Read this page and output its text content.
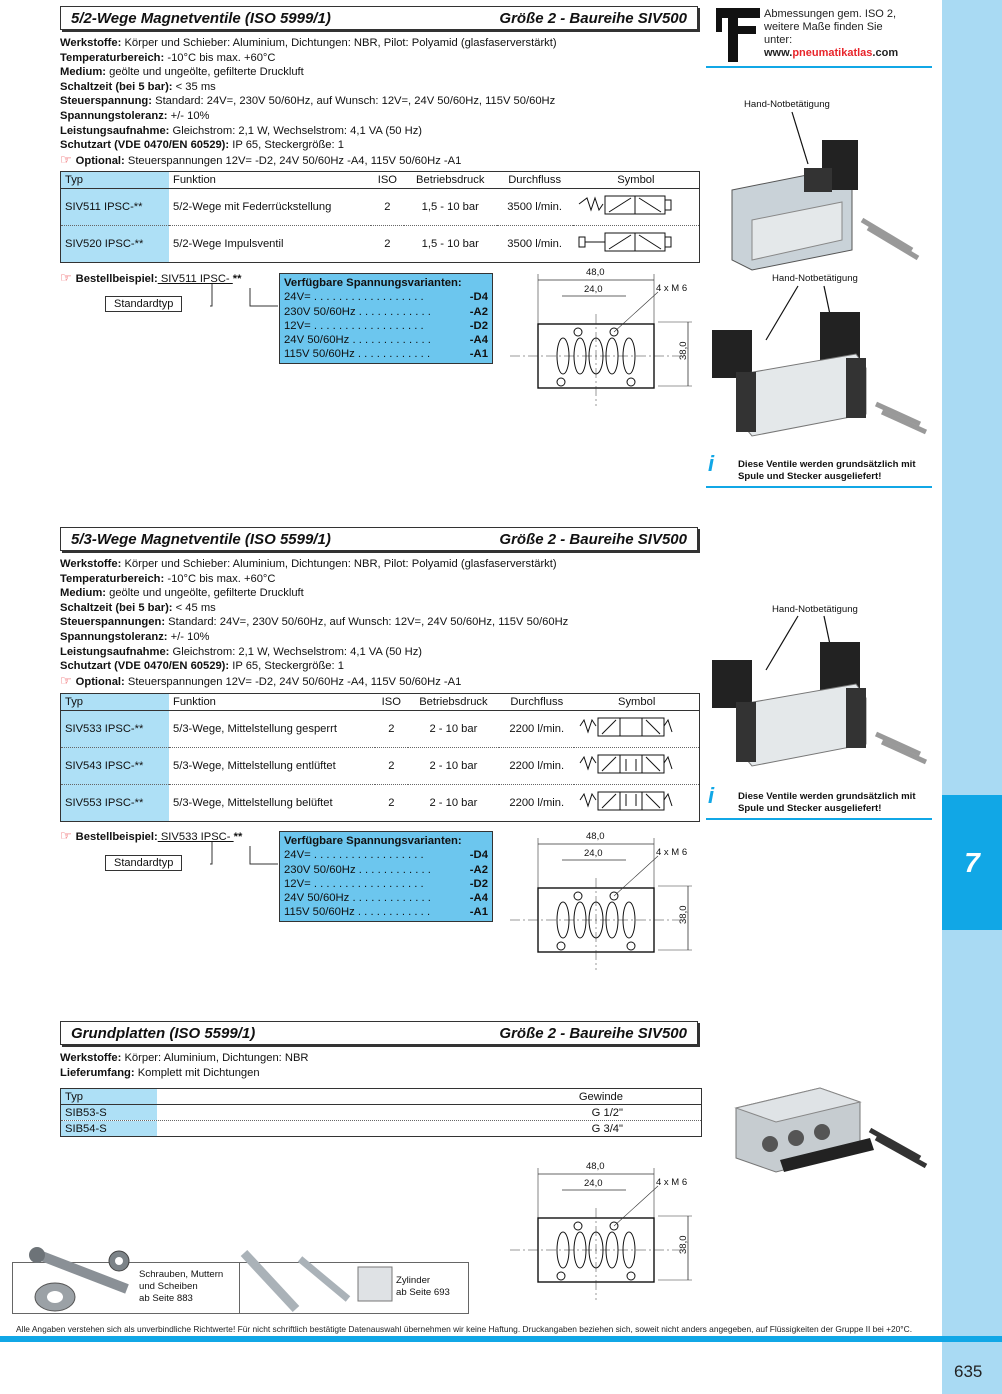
7
635
Alle Angaben verstehen sich als unverbindliche Richtwerte! Für nicht schriftlich bestätigte Datenauswahl übernehmen wir keine Haftung. Druckangaben beziehen sich, soweit nicht anders angegeben, auf Flüssigkeiten der Gruppe II bei +20°C.
Abmessungen gem. ISO 2,
weitere Maße finden Sie
unter:
www.pneumatikatlas.com
5/2-Wege Magnetventile (ISO 5999/1)	Größe 2 - Baureihe SIV500
Werkstoffe: Körper und Schieber: Aluminium, Dichtungen: NBR, Pilot: Polyamid (glasfaserverstärkt)
Temperaturbereich: -10°C bis max. +60°C
Medium: geölte und ungeölte, gefilterte Druckluft
Schaltzeit (bei 5 bar): < 35 ms
Steuerspannung: Standard: 24V=, 230V 50/60Hz, auf Wunsch: 12V=, 24V 50/60Hz, 115V 50/60Hz
Spannungstoleranz: +/- 10%
Leistungsaufnahme: Gleichstrom: 2,1 W, Wechselstrom: 4,1 VA (50 Hz)
Schutzart (VDE 0470/EN 60529): IP 65, Steckergröße: 1
☞ Optional: Steuerspannungen 12V= -D2, 24V 50/60Hz -A4, 115V 50/60Hz -A1
Typ	Funktion	ISO	Betriebsdruck	Durchfluss	Symbol
SIV511 IPSC-**	5/2-Wege mit Federrückstellung	2	1,5 - 10 bar	3500 l/min.	
SIV520 IPSC-**	5/2-Wege Impulsventil	2	1,5 - 10 bar	3500 l/min.	
☞ Bestellbeispiel: SIV511 IPSC- **
Standardtyp
Verfügbare Spannungsvarianten:
24V= . . . . . . . . . . . . . . . . . .	-D4
230V 50/60Hz . . . . . . . . . . . .	-A2
12V= . . . . . . . . . . . . . . . . . .	-D2
24V 50/60Hz . . . . . . . . . . . . .	-A4
115V 50/60Hz . . . . . . . . . . . .	-A1
48,0
24,0	4 x M 6
38,0
Hand-Notbetätigung
Hand-Notbetätigung
i Diese Ventile werden grundsätzlich mit
Spule und Stecker ausgeliefert!
5/3-Wege Magnetventile (ISO 5599/1)	Größe 2 - Baureihe SIV500
Werkstoffe: Körper und Schieber: Aluminium, Dichtungen: NBR, Pilot: Polyamid (glasfaserverstärkt)
Temperaturbereich: -10°C bis max. +60°C
Medium: geölte und ungeölte, gefilterte Druckluft
Schaltzeit (bei 5 bar): < 45 ms
Steuerspannungen: Standard: 24V=, 230V 50/60Hz, auf Wunsch: 12V=, 24V 50/60Hz, 115V 50/60Hz
Spannungstoleranz: +/- 10%
Leistungsaufnahme: Gleichstrom: 2,1 W, Wechselstrom: 4,1 VA (50 Hz)
Schutzart (VDE 0470/EN 60529): IP 65, Steckergröße: 1
☞ Optional: Steuerspannungen 12V= -D2, 24V 50/60Hz -A4, 115V 50/60Hz -A1
Typ	Funktion	ISO	Betriebsdruck	Durchfluss	Symbol
SIV533 IPSC-**	5/3-Wege, Mittelstellung gesperrt	2	2 - 10 bar	2200 l/min.	
SIV543 IPSC-**	5/3-Wege, Mittelstellung entlüftet	2	2 - 10 bar	2200 l/min.	
SIV553 IPSC-**	5/3-Wege, Mittelstellung belüftet	2	2 - 10 bar	2200 l/min.	
☞ Bestellbeispiel: SIV533 IPSC- **
Standardtyp
Verfügbare Spannungsvarianten:
24V= . . . . . . . . . . . . . . . . . .	-D4
230V 50/60Hz . . . . . . . . . . . .	-A2
12V= . . . . . . . . . . . . . . . . . .	-D2
24V 50/60Hz . . . . . . . . . . . . .	-A4
115V 50/60Hz . . . . . . . . . . . .	-A1
48,0
24,0	4 x M 6
38,0
Hand-Notbetätigung
i Diese Ventile werden grundsätzlich mit
Spule und Stecker ausgeliefert!
Grundplatten (ISO 5599/1)	Größe 2 - Baureihe SIV500
Werkstoffe: Körper: Aluminium, Dichtungen: NBR
Lieferumfang: Komplett mit Dichtungen
Typ	Gewinde
SIB53-S	G 1/2"
SIB54-S	G 3/4"
48,0
24,0	4 x M 6
38,0
Schrauben, Muttern
und Scheiben
ab Seite 883
Zylinder
ab Seite 693
